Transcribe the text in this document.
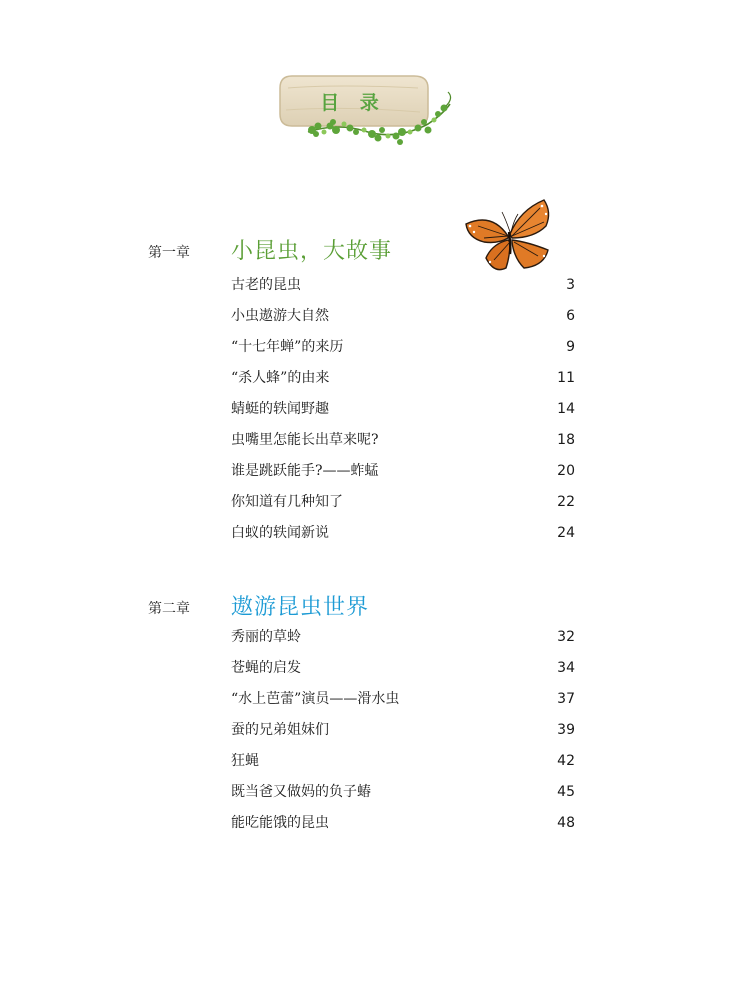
目 录
第一章 小昆虫，大故事
古老的昆虫	3
小虫遨游大自然	6
“十七年蝉”的来历	9
“杀人蜂”的由来	11
蜻蜓的轶闻野趣	14
虫嘴里怎能长出草来呢?	18
谁是跳跃能手?——蚱蜢	20
你知道有几种知了	22
白蚁的轶闻新说	24
第二章 遨游昆虫世界
秀丽的草蛉	32
苍蝇的启发	34
“水上芭蕾”演员——滑水虫	37
蚕的兄弟姐妹们	39
狂蝇	42
既当爸又做妈的负子蝽	45
能吃能饿的昆虫	48
